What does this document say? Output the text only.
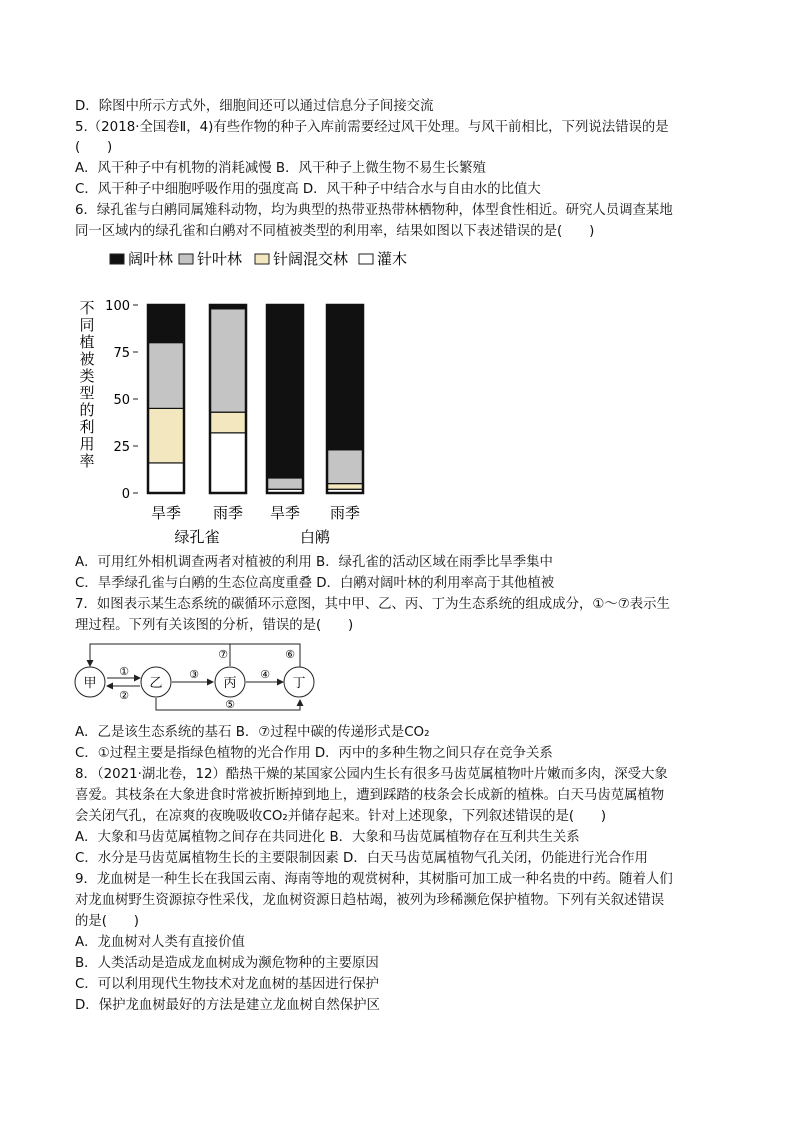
D．除图中所示方式外，细胞间还可以通过信息分子间接交流
5.（2018·全国卷Ⅱ，4)有些作物的种子入库前需要经过风干处理。与风干前相比，下列说法错误的是
(　　)
A．风干种子中有机物的消耗减慢 B．风干种子上微生物不易生长繁殖
C．风干种子中细胞呼吸作用的强度高 D．风干种子中结合水与自由水的比值大
6．绿孔雀与白鹇同属雉科动物，均为典型的热带亚热带林栖物种，体型食性相近。研究人员调查某地
同一区域内的绿孔雀和白鹇对不同植被类型的利用率，结果如图以下表述错误的是(　　)
阔叶林 针叶林 针阔混交林 灌木
不
同
植
被
类
型
的
利
用
率
0
25
50
75
100
旱季 雨季 旱季 雨季
绿孔雀	白鹇
A．可用红外相机调查两者对植被的利用 B．绿孔雀的活动区域在雨季比旱季集中
C．旱季绿孔雀与白鹇的生态位高度重叠 D．白鹇对阔叶林的利用率高于其他植被
7．如图表示某生态系统的碳循环示意图，其中甲、乙、丙、丁为生态系统的组成成分，①～⑦表示生
理过程。下列有关该图的分析，错误的是(　　)
甲	乙	丙	丁
①
②
③	④
⑤
⑥
⑦
A．乙是该生态系统的基石 B．⑦过程中碳的传递形式是CO₂
C．①过程主要是指绿色植物的光合作用 D．丙中的多种生物之间只存在竞争关系
8．（2021·湖北卷，12）酷热干燥的某国家公园内生长有很多马齿苋属植物叶片嫩而多肉，深受大象
喜爱。其枝条在大象进食时常被折断掉到地上，遭到踩踏的枝条会长成新的植株。白天马齿苋属植物
会关闭气孔，在凉爽的夜晚吸收CO₂并储存起来。针对上述现象，下列叙述错误的是(　　)
A．大象和马齿苋属植物之间存在共同进化 B．大象和马齿苋属植物存在互利共生关系
C．水分是马齿苋属植物生长的主要限制因素 D．白天马齿苋属植物气孔关闭，仍能进行光合作用
9．龙血树是一种生长在我国云南、海南等地的观赏树种，其树脂可加工成一种名贵的中药。随着人们
对龙血树野生资源掠夺性采伐，龙血树资源日趋枯竭，被列为珍稀濒危保护植物。下列有关叙述错误
的是(　　)
A．龙血树对人类有直接价值
B．人类活动是造成龙血树成为濒危物种的主要原因
C．可以利用现代生物技术对龙血树的基因进行保护
D．保护龙血树最好的方法是建立龙血树自然保护区
